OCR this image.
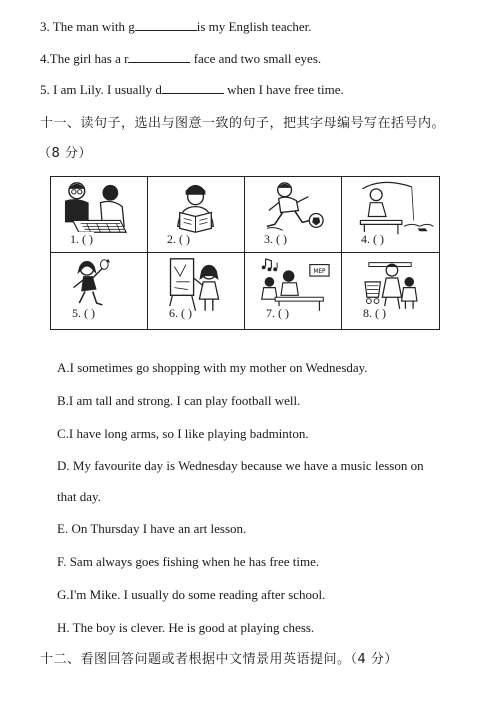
3. The man with g	is my English teacher.
4.The girl has a r	face and two small eyes.
5. I am Lily. I usually d	when I have free time.
十一、读句子，选出与图意一致的句子，把其字母编号写在括号内。
（8 分）
1. ( )	2. ( )	3. ( )	4. ( )
5. ( )	6. ( )
MEP
7. ( )	8. ( )
A.I sometimes go shopping with my mother on Wednesday.
B.I am tall and strong. I can play football well.
C.I have long arms, so I like playing badminton.
D. My favourite day is Wednesday because we have a music lesson on
that day.
E. On Thursday I have an art lesson.
F. Sam always goes fishing when he has free time.
G.I'm Mike. I usually do some reading after school.
H. The boy is clever. He is good at playing chess.
十二、看图回答问题或者根据中文情景用英语提问。（4 分）
